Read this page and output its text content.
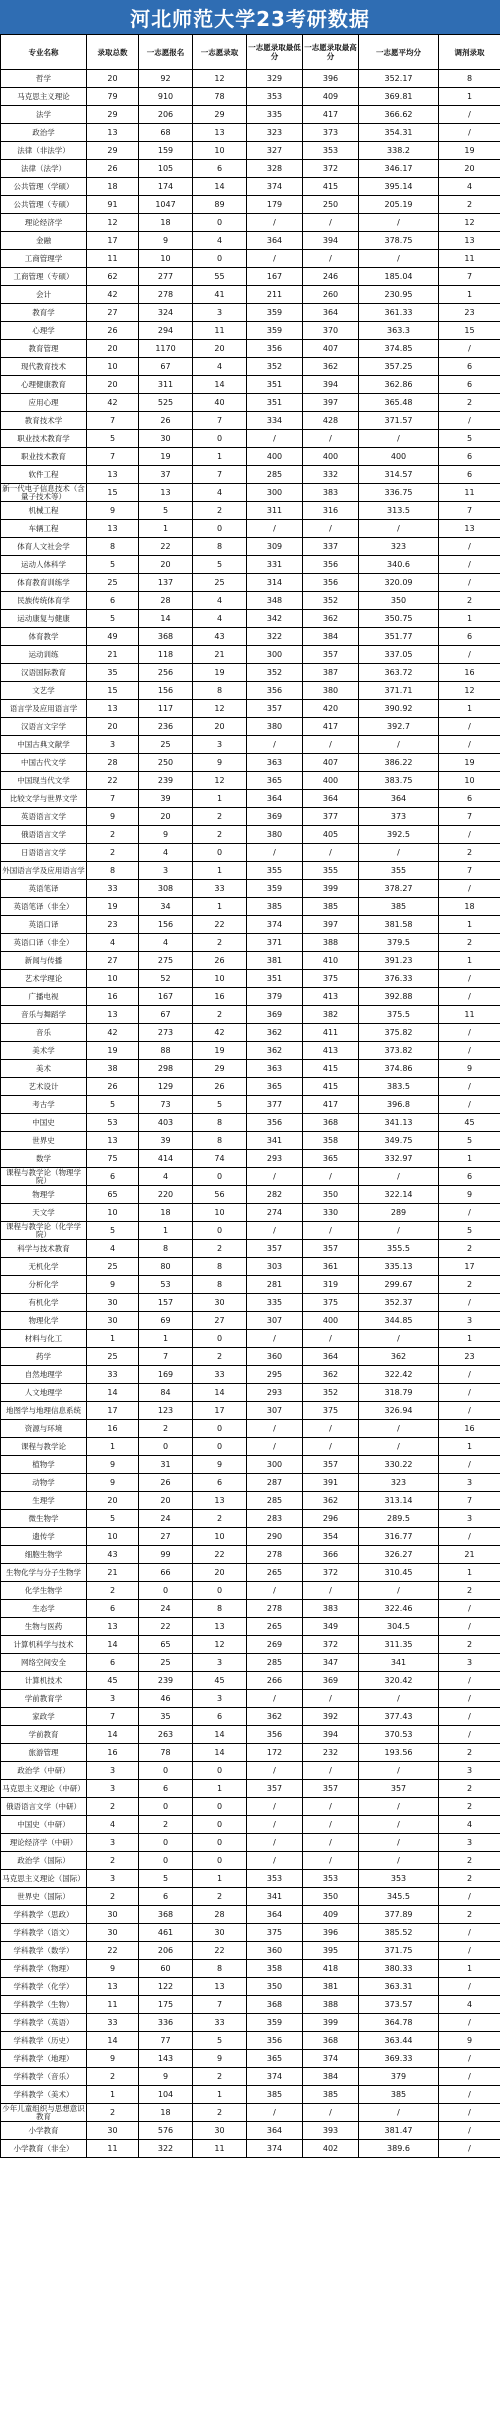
河北师范大学23考研数据
专业名称	录取总数	一志愿报名	一志愿录取	一志愿录取最低分	一志愿录取最高分	一志愿平均分	调剂录取
哲学	20	92	12	329	396	352.17	8
马克思主义理论	79	910	78	353	409	369.81	1
法学	29	206	29	335	417	366.62	/
政治学	13	68	13	323	373	354.31	/
法律（非法学）	29	159	10	327	353	338.2	19
法律（法学）	26	105	6	328	372	346.17	20
公共管理（学硕）	18	174	14	374	415	395.14	4
公共管理（专硕）	91	1047	89	179	250	205.19	2
理论经济学	12	18	0	/	/	/	12
金融	17	9	4	364	394	378.75	13
工商管理学	11	10	0	/	/	/	11
工商管理（专硕）	62	277	55	167	246	185.04	7
会计	42	278	41	211	260	230.95	1
教育学	27	324	3	359	364	361.33	23
心理学	26	294	11	359	370	363.3	15
教育管理	20	1170	20	356	407	374.85	/
现代教育技术	10	67	4	352	362	357.25	6
心理健康教育	20	311	14	351	394	362.86	6
应用心理	42	525	40	351	397	365.48	2
教育技术学	7	26	7	334	428	371.57	/
职业技术教育学	5	30	0	/	/	/	5
职业技术教育	7	19	1	400	400	400	6
软件工程	13	37	7	285	332	314.57	6
新一代电子信息技术（含量子技术等）	15	13	4	300	383	336.75	11
机械工程	9	5	2	311	316	313.5	7
车辆工程	13	1	0	/	/	/	13
体育人文社会学	8	22	8	309	337	323	/
运动人体科学	5	20	5	331	356	340.6	/
体育教育训练学	25	137	25	314	356	320.09	/
民族传统体育学	6	28	4	348	352	350	2
运动康复与健康	5	14	4	342	362	350.75	1
体育教学	49	368	43	322	384	351.77	6
运动训练	21	118	21	300	357	337.05	/
汉语国际教育	35	256	19	352	387	363.72	16
文艺学	15	156	8	356	380	371.71	12
语言学及应用语言学	13	117	12	357	420	390.92	1
汉语言文字学	20	236	20	380	417	392.7	/
中国古典文献学	3	25	3	/	/	/	/
中国古代文学	28	250	9	363	407	386.22	19
中国现当代文学	22	239	12	365	400	383.75	10
比较文学与世界文学	7	39	1	364	364	364	6
英语语言文学	9	20	2	369	377	373	7
俄语语言文学	2	9	2	380	405	392.5	/
日语语言文学	2	4	0	/	/	/	2
外国语言学及应用语言学	8	3	1	355	355	355	7
英语笔译	33	308	33	359	399	378.27	/
英语笔译（非全）	19	34	1	385	385	385	18
英语口译	23	156	22	374	397	381.58	1
英语口译（非全）	4	4	2	371	388	379.5	2
新闻与传播	27	275	26	381	410	391.23	1
艺术学理论	10	52	10	351	375	376.33	/
广播电视	16	167	16	379	413	392.88	/
音乐与舞蹈学	13	67	2	369	382	375.5	11
音乐	42	273	42	362	411	375.82	/
美术学	19	88	19	362	413	373.82	/
美术	38	298	29	363	415	374.86	9
艺术设计	26	129	26	365	415	383.5	/
考古学	5	73	5	377	417	396.8	/
中国史	53	403	8	356	368	341.13	45
世界史	13	39	8	341	358	349.75	5
数学	75	414	74	293	365	332.97	1
课程与教学论（物理学院）	6	4	0	/	/	/	6
物理学	65	220	56	282	350	322.14	9
天文学	10	18	10	274	330	289	/
课程与教学论（化学学院）	5	1	0	/	/	/	5
科学与技术教育	4	8	2	357	357	355.5	2
无机化学	25	80	8	303	361	335.13	17
分析化学	9	53	8	281	319	299.67	2
有机化学	30	157	30	335	375	352.37	/
物理化学	30	69	27	307	400	344.85	3
材料与化工	1	1	0	/	/	/	1
药学	25	7	2	360	364	362	23
自然地理学	33	169	33	295	362	322.42	/
人文地理学	14	84	14	293	352	318.79	/
地图学与地理信息系统	17	123	17	307	375	326.94	/
资源与环境	16	2	0	/	/	/	16
课程与教学论	1	0	0	/	/	/	1
植物学	9	31	9	300	357	330.22	/
动物学	9	26	6	287	391	323	3
生理学	20	20	13	285	362	313.14	7
微生物学	5	24	2	283	296	289.5	3
遗传学	10	27	10	290	354	316.77	/
细胞生物学	43	99	22	278	366	326.27	21
生物化学与分子生物学	21	66	20	265	372	310.45	1
化学生物学	2	0	0	/	/	/	2
生态学	6	24	8	278	383	322.46	/
生物与医药	13	22	13	265	349	304.5	/
计算机科学与技术	14	65	12	269	372	311.35	2
网络空间安全	6	25	3	285	347	341	3
计算机技术	45	239	45	266	369	320.42	/
学前教育学	3	46	3	/	/	/	/
家政学	7	35	6	362	392	377.43	/
学前教育	14	263	14	356	394	370.53	/
旅游管理	16	78	14	172	232	193.56	2
政治学（中研）	3	0	0	/	/	/	3
马克思主义理论（中研）	3	6	1	357	357	357	2
俄语语言文学（中研）	2	0	0	/	/	/	2
中国史（中研）	4	2	0	/	/	/	4
理论经济学（中研）	3	0	0	/	/	/	3
政治学（国际）	2	0	0	/	/	/	2
马克思主义理论（国际）	3	5	1	353	353	353	2
世界史（国际）	2	6	2	341	350	345.5	/
学科教学（思政）	30	368	28	364	409	377.89	2
学科教学（语文）	30	461	30	375	396	385.52	/
学科教学（数学）	22	206	22	360	395	371.75	/
学科教学（物理）	9	60	8	358	418	380.33	1
学科教学（化学）	13	122	13	350	381	363.31	/
学科教学（生物）	11	175	7	368	388	373.57	4
学科教学（英语）	33	336	33	359	399	364.78	/
学科教学（历史）	14	77	5	356	368	363.44	9
学科教学（地理）	9	143	9	365	374	369.33	/
学科教学（音乐）	2	9	2	374	384	379	/
学科教学（美术）	1	104	1	385	385	385	/
少年儿童组织与思想意识教育	2	18	2	/	/	/	/
小学教育	30	576	30	364	393	381.47	/
小学教育（非全）	11	322	11	374	402	389.6	/
